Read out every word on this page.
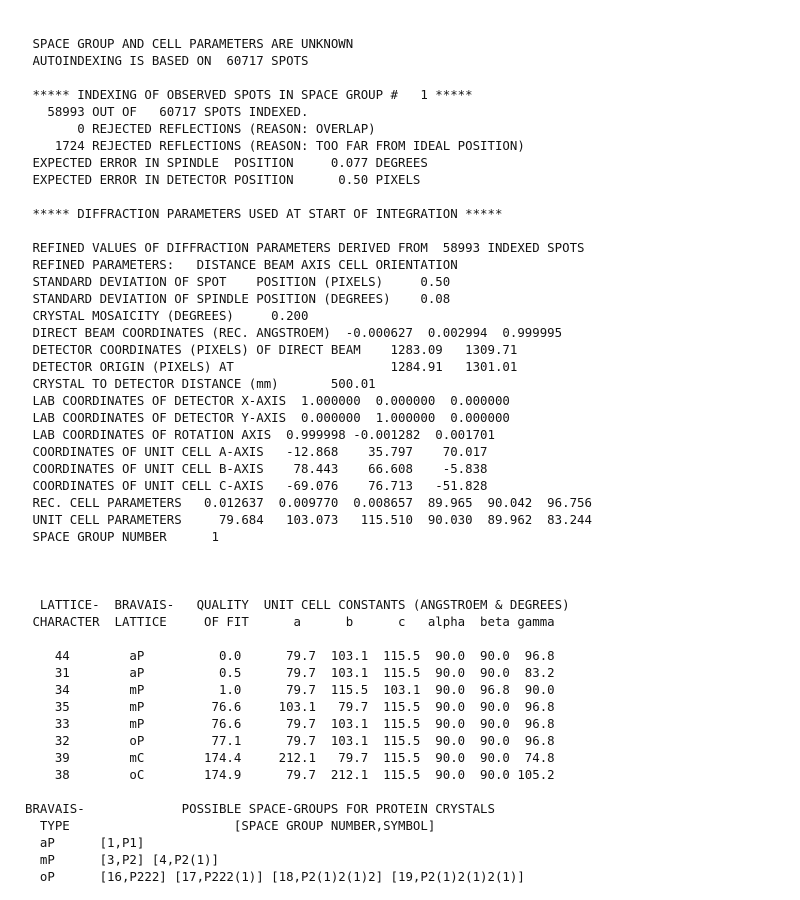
SPACE GROUP AND CELL PARAMETERS ARE UNKNOWN
AUTOINDEXING IS BASED ON  60717 SPOTS
***** INDEXING OF OBSERVED SPOTS IN SPACE GROUP #   1 *****
58993 OUT OF   60717 SPOTS INDEXED.
0 REJECTED REFLECTIONS (REASON: OVERLAP)
1724 REJECTED REFLECTIONS (REASON: TOO FAR FROM IDEAL POSITION)
EXPECTED ERROR IN SPINDLE  POSITION     0.077 DEGREES
EXPECTED ERROR IN DETECTOR POSITION      0.50 PIXELS
***** DIFFRACTION PARAMETERS USED AT START OF INTEGRATION *****
REFINED VALUES OF DIFFRACTION PARAMETERS DERIVED FROM  58993 INDEXED SPOTS
REFINED PARAMETERS:   DISTANCE BEAM AXIS CELL ORIENTATION
STANDARD DEVIATION OF SPOT    POSITION (PIXELS)     0.50
STANDARD DEVIATION OF SPINDLE POSITION (DEGREES)    0.08
CRYSTAL MOSAICITY (DEGREES)     0.200
DIRECT BEAM COORDINATES (REC. ANGSTROEM)  -0.000627  0.002994  0.999995
DETECTOR COORDINATES (PIXELS) OF DIRECT BEAM    1283.09   1309.71
DETECTOR ORIGIN (PIXELS) AT                     1284.91   1301.01
CRYSTAL TO DETECTOR DISTANCE (mm)       500.01
LAB COORDINATES OF DETECTOR X-AXIS  1.000000  0.000000  0.000000
LAB COORDINATES OF DETECTOR Y-AXIS  0.000000  1.000000  0.000000
LAB COORDINATES OF ROTATION AXIS  0.999998 -0.001282  0.001701
COORDINATES OF UNIT CELL A-AXIS   -12.868    35.797    70.017
COORDINATES OF UNIT CELL B-AXIS    78.443    66.608    -5.838
COORDINATES OF UNIT CELL C-AXIS   -69.076    76.713   -51.828
REC. CELL PARAMETERS   0.012637  0.009770  0.008657  89.965  90.042  96.756
UNIT CELL PARAMETERS     79.684   103.073   115.510  90.030  89.962  83.244
SPACE GROUP NUMBER      1
LATTICE-  BRAVAIS-   QUALITY  UNIT CELL CONSTANTS (ANGSTROEM & DEGREES)
CHARACTER  LATTICE     OF FIT      a      b      c   alpha  beta gamma
44        aP          0.0      79.7  103.1  115.5  90.0  90.0  96.8
31        aP          0.5      79.7  103.1  115.5  90.0  90.0  83.2
34        mP          1.0      79.7  115.5  103.1  90.0  96.8  90.0
35        mP         76.6     103.1   79.7  115.5  90.0  90.0  96.8
33        mP         76.6      79.7  103.1  115.5  90.0  90.0  96.8
32        oP         77.1      79.7  103.1  115.5  90.0  90.0  96.8
39        mC        174.4     212.1   79.7  115.5  90.0  90.0  74.8
38        oC        174.9      79.7  212.1  115.5  90.0  90.0 105.2
BRAVAIS-             POSSIBLE SPACE-GROUPS FOR PROTEIN CRYSTALS
TYPE                      [SPACE GROUP NUMBER,SYMBOL]
aP      [1,P1]
mP      [3,P2] [4,P2(1)]
oP      [16,P222] [17,P222(1)] [18,P2(1)2(1)2] [19,P2(1)2(1)2(1)]
